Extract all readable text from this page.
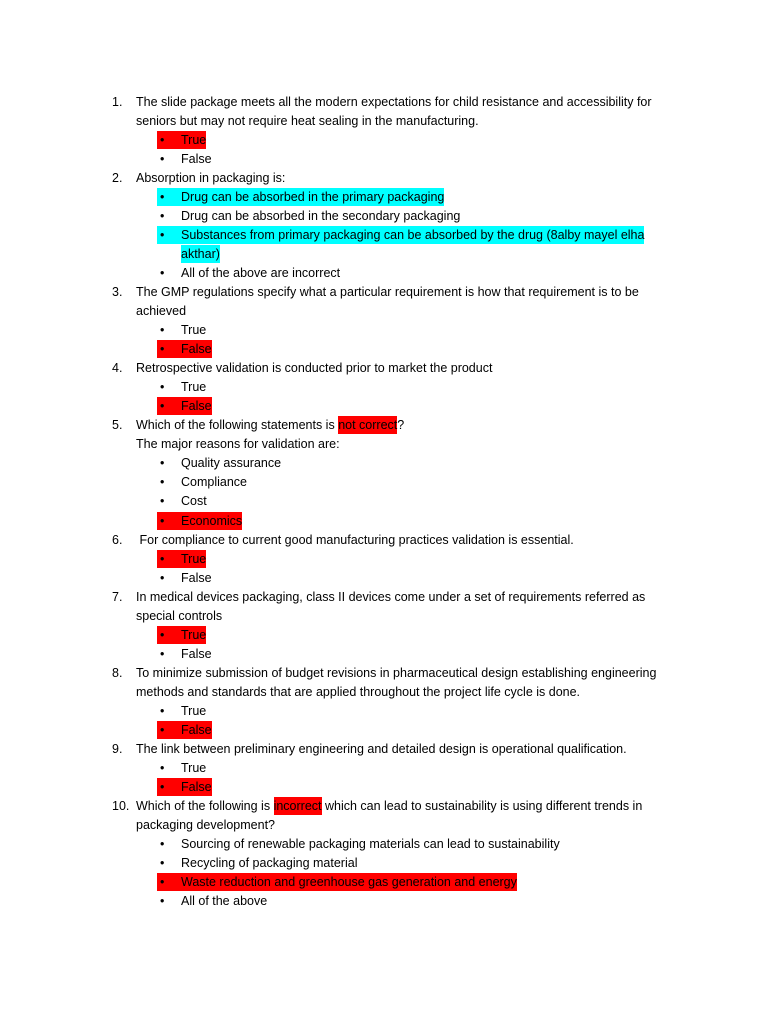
1. The slide package meets all the modern expectations for child resistance and accessibility for seniors but may not require heat sealing in the manufacturing.
• True
• False
2. Absorption in packaging is:
• Drug can be absorbed in the primary packaging
• Drug can be absorbed in the secondary packaging
• Substances from primary packaging can be absorbed by the drug (8alby mayel elha akthar)
• All of the above are incorrect
3. The GMP regulations specify what a particular requirement is how that requirement is to be achieved
• True
• False
4. Retrospective validation is conducted prior to market the product
• True
• False
5. Which of the following statements is not correct?
The major reasons for validation are:
• Quality assurance
• Compliance
• Cost
• Economics
6. For compliance to current good manufacturing practices validation is essential.
• True
• False
7. In medical devices packaging, class II devices come under a set of requirements referred as special controls
• True
• False
8. To minimize submission of budget revisions in pharmaceutical design establishing engineering methods and standards that are applied throughout the project life cycle is done.
• True
• False
9. The link between preliminary engineering and detailed design is operational qualification.
• True
• False
10. Which of the following is incorrect which can lead to sustainability is using different trends in packaging development?
• Sourcing of renewable packaging materials can lead to sustainability
• Recycling of packaging material
• Waste reduction and greenhouse gas generation and energy
• All of the above
